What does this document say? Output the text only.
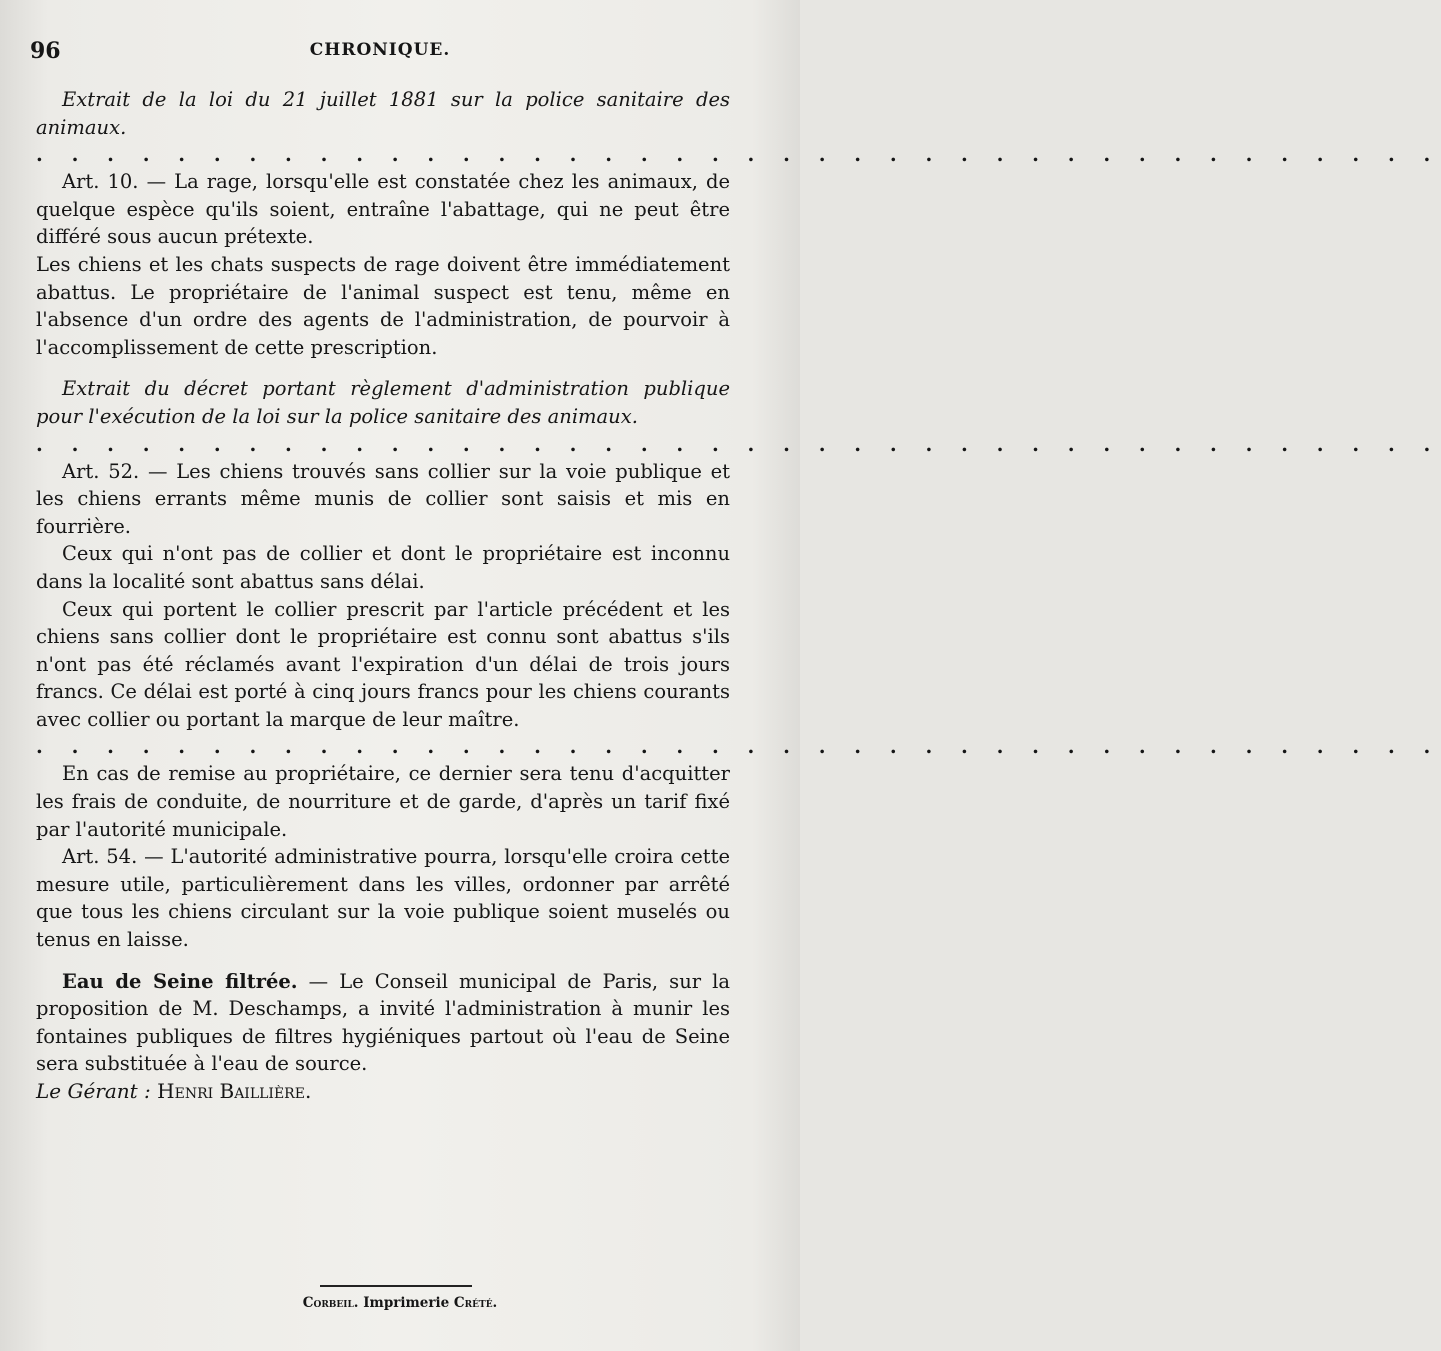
96	CHRONIQUE.

Extrait de la loi du 21 juillet 1881 sur la police sanitaire des animaux.

. . . . . . . . . . . . . . . . . . . . . . . . . . . . . . . . . . . . . . . .

Art. 10. — La rage, lorsqu'elle est constatée chez les animaux, de quelque espèce qu'ils soient, entraîne l'abattage, qui ne peut être différé sous aucun prétexte.

Les chiens et les chats suspects de rage doivent être immédiatement abattus. Le propriétaire de l'animal suspect est tenu, même en l'absence d'un ordre des agents de l'administration, de pourvoir à l'accomplissement de cette prescription.

Extrait du décret portant règlement d'administration publique pour l'exécution de la loi sur la police sanitaire des animaux.

. . . . . . . . . . . . . . . . . . . . . . . . . . . . . . . . . . . . . . . .

Art. 52. — Les chiens trouvés sans collier sur la voie publique et les chiens errants même munis de collier sont saisis et mis en fourrière.

Ceux qui n'ont pas de collier et dont le propriétaire est inconnu dans la localité sont abattus sans délai.

Ceux qui portent le collier prescrit par l'article précédent et les chiens sans collier dont le propriétaire est connu sont abattus s'ils n'ont pas été réclamés avant l'expiration d'un délai de trois jours francs. Ce délai est porté à cinq jours francs pour les chiens courants avec collier ou portant la marque de leur maître.

. . . . . . . . . . . . . . . . . . . . . . . . . . . . . . . . . . . . . . . .

En cas de remise au propriétaire, ce dernier sera tenu d'acquitter les frais de conduite, de nourriture et de garde, d'après un tarif fixé par l'autorité municipale.

Art. 54. — L'autorité administrative pourra, lorsqu'elle croira cette mesure utile, particulièrement dans les villes, ordonner par arrêté que tous les chiens circulant sur la voie publique soient muselés ou tenus en laisse.

Eau de Seine filtrée. — Le Conseil municipal de Paris, sur la proposition de M. Deschamps, a invité l'administration à munir les fontaines publiques de filtres hygiéniques partout où l'eau de Seine sera substituée à l'eau de source.

Le Gérant : Henri Baillière.

Corbeil. Imprimerie Crété.
